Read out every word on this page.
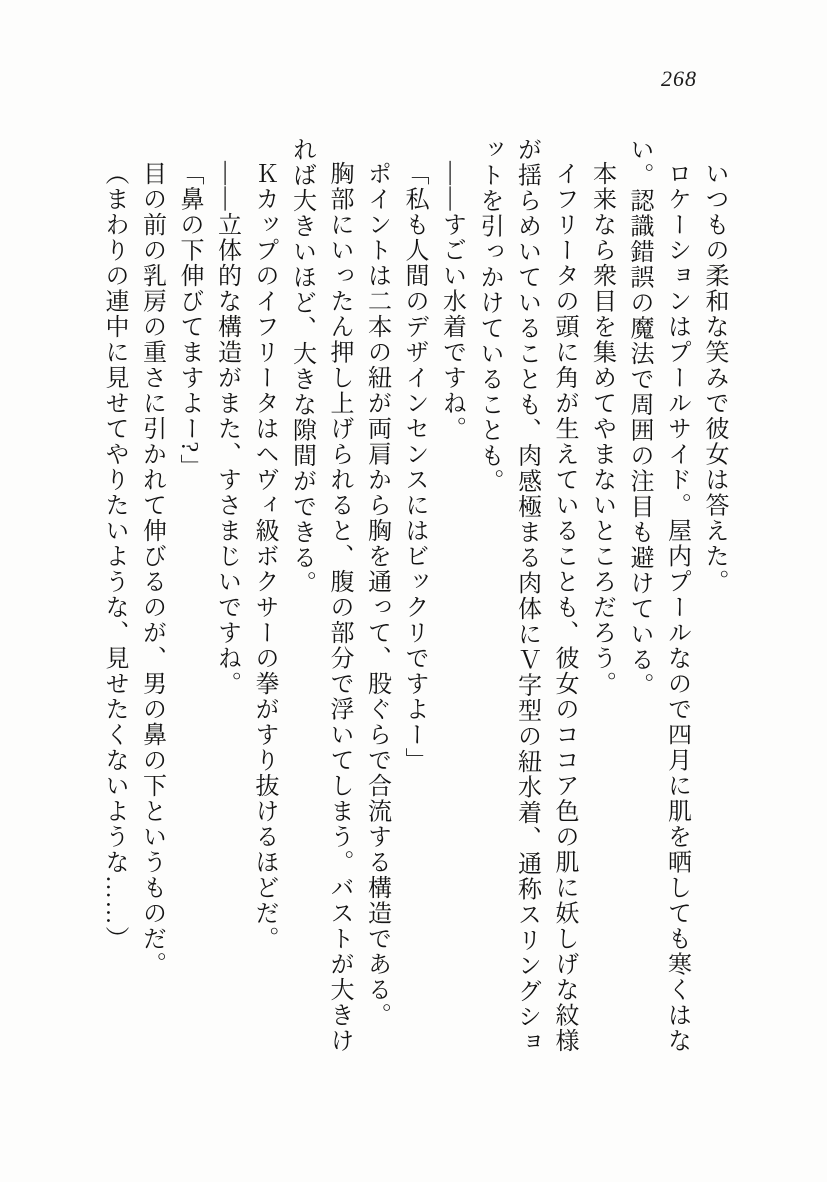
268

いつもの柔和な笑みで彼女は答えた。

ロケーションはプールサイド。屋内プールなので四月に肌を晒しても寒くはない。認識錯誤の魔法で周囲の注目も避けている。

本来なら衆目を集めてやまないところだろう。

イフリータの頭に角が生えていることも、彼女のココア色の肌に妖しげな紋様が揺らめいていることも、肉感極まる肉体にＶ字型の紐水着、通称スリングショットを引っかけていることも。

――すごい水着ですね。

「私も人間のデザインセンスにはビックリですよー」

ポイントは二本の紐が両肩から胸を通って、股ぐらで合流する構造である。

胸部にいったん押し上げられると、腹の部分で浮いてしまう。バストが大きければ大きいほど、大きな隙間ができる。

Ｋカップのイフリータはヘヴィ級ボクサーの拳がすり抜けるほどだ。

――立体的な構造がまた、すさまじいですね。

「鼻の下伸びてますよー?」

目の前の乳房の重さに引かれて伸びるのが、男の鼻の下というものだ。

（まわりの連中に見せてやりたいような、見せたくないような……）
